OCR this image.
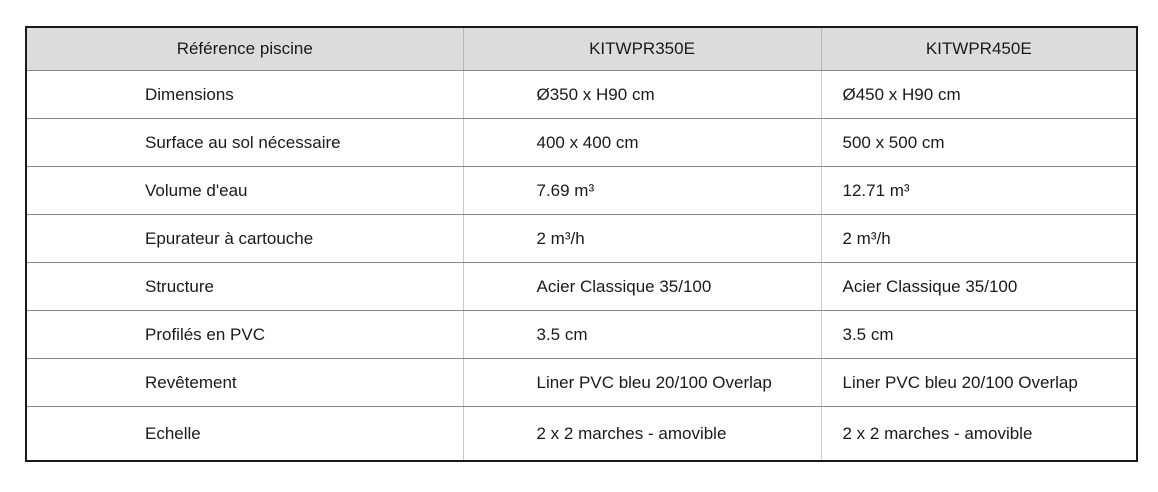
Référence piscine	KITWPR350E	KITWPR450E
Dimensions	Ø350 x H90 cm	Ø450 x H90 cm
Surface au sol nécessaire	400 x 400 cm	500 x 500 cm
Volume d'eau	7.69 m³	12.71 m³
Epurateur à cartouche	2 m³/h	2 m³/h
Structure	Acier Classique 35/100	Acier Classique 35/100
Profilés en PVC	3.5 cm	3.5 cm
Revêtement	Liner PVC bleu 20/100 Overlap	Liner PVC bleu 20/100 Overlap
Echelle	2 x 2 marches - amovible	2 x 2 marches - amovible
